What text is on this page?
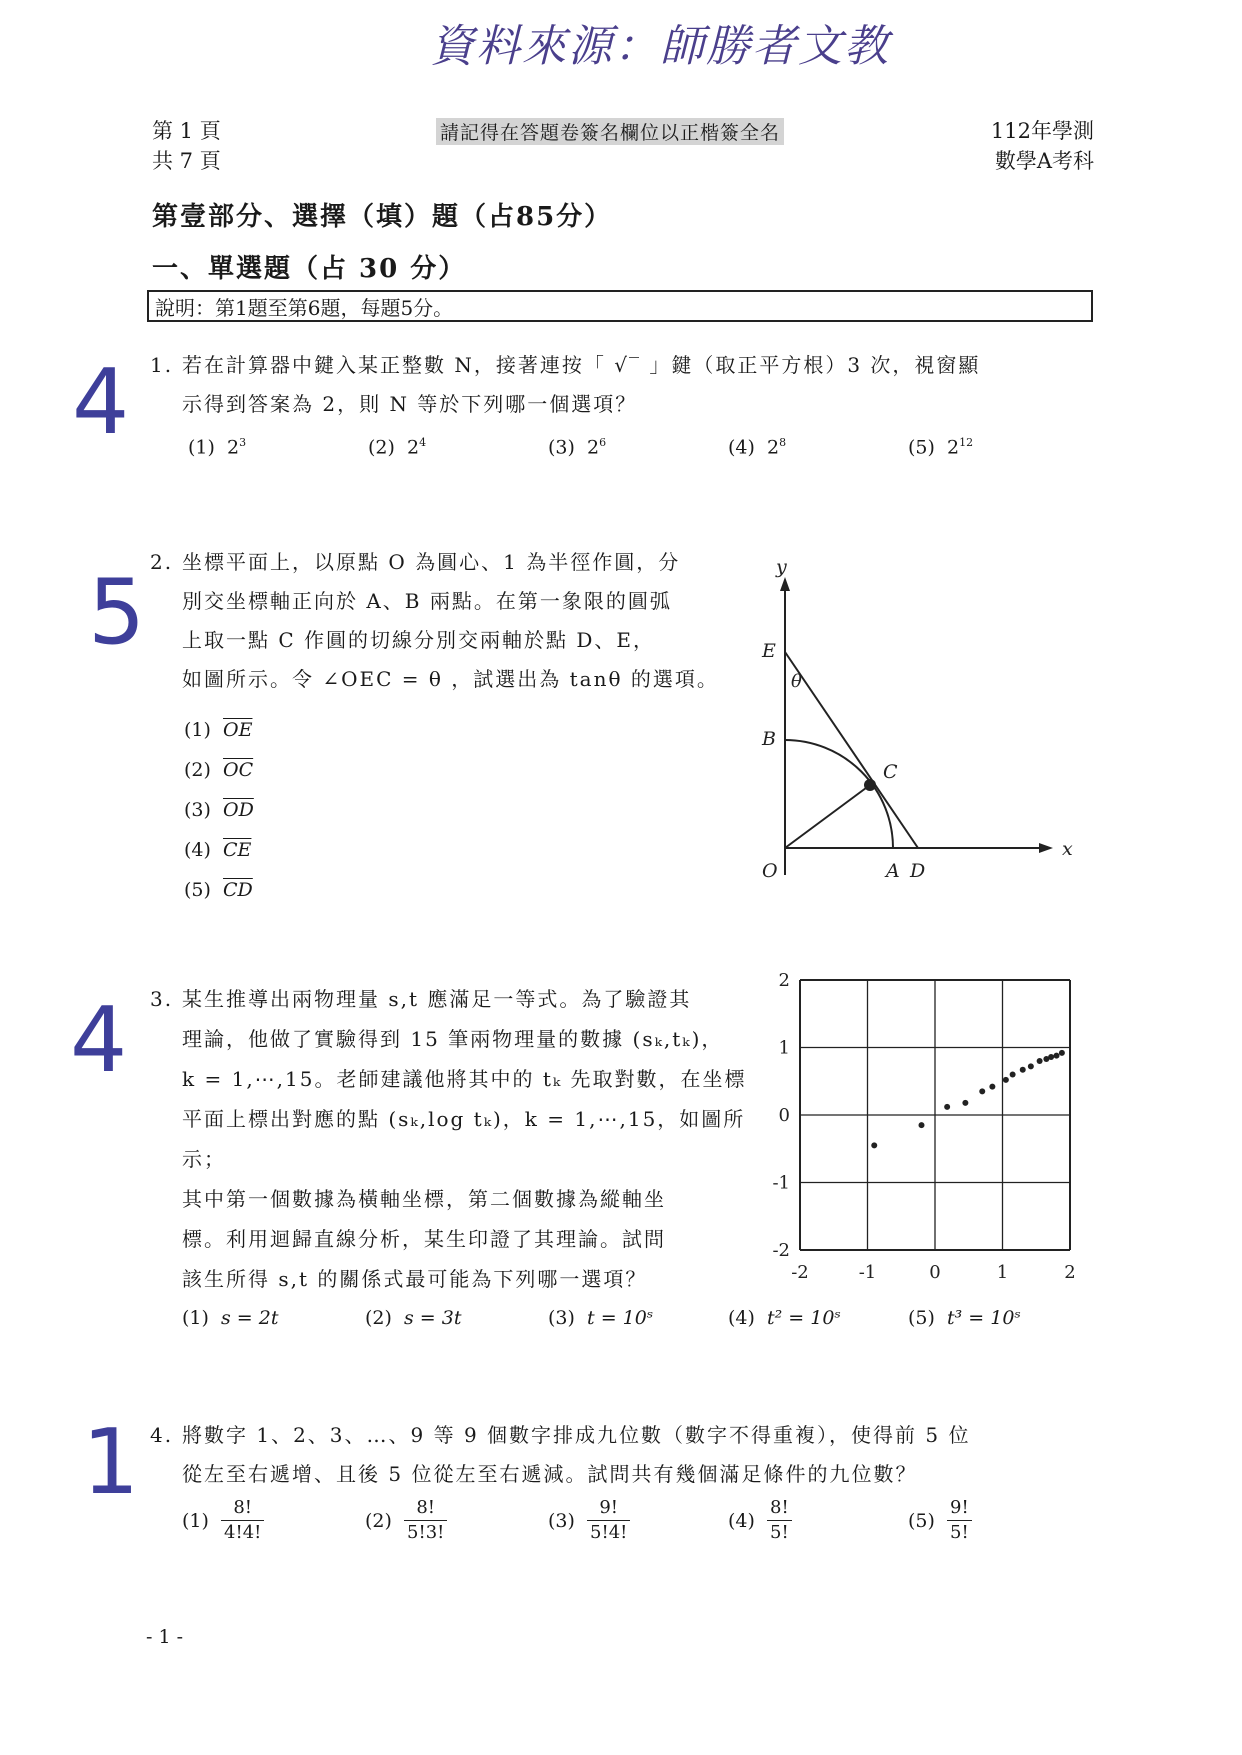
資料來源：師勝者文教
第 1 頁
共 7 頁
請記得在答題卷簽名欄位以正楷簽全名	112年學測
數學A考科
第壹部分、選擇（填）題（占85分）
一、單選題（占 30 分）
說明：第1題至第6題，每題5分。
4
5
4
1
1. 若在計算器中鍵入某正整數 N，接著連按「 √‾ 」鍵（取正平方根）3 次，視窗顯
示得到答案為 2，則 N 等於下列哪一個選項？
(1) $2^3$	(2) $2^4$	(3) $2^6$	(4) $2^8$	(5) $2^{12}$
2. 坐標平面上，以原點 O 為圓心、1 為半徑作圓，分
別交坐標軸正向於 A、B 兩點。在第一象限的圓弧
上取一點 C 作圓的切線分別交兩軸於點 D、E，
如圖所示。令 ∠OEC = θ ，試選出為 tanθ 的選項。
(1) $\overline{OE}$
(2) $\overline{OC}$
(3) $\overline{OD}$
(4) $\overline{CE}$
(5) $\overline{CD}$
y
x
O	A D
B
E
C
θ
3. 某生推導出兩物理量 s,t 應滿足一等式。為了驗證其
理論，他做了實驗得到 15 筆兩物理量的數據 (sₖ,tₖ)，
k = 1,⋯,15。老師建議他將其中的 tₖ 先取對數，在坐標
平面上標出對應的點 (sₖ,log tₖ)，k = 1,⋯,15，如圖所示；
其中第一個數據為橫軸坐標，第二個數據為縱軸坐
標。利用迴歸直線分析，某生印證了其理論。試問
該生所得 s,t 的關係式最可能為下列哪一選項？	-2	-1	0	1	2
2
1
0
-1
-2
(1) s = 2t	(2) s = 3t	(3) t = 10ˢ	(4) t² = 10ˢ	(5) t³ = 10ˢ
4. 將數字 1、2、3、…、9 等 9 個數字排成九位數（數字不得重複），使得前 5 位
從左至右遞增、且後 5 位從左至右遞減。試問共有幾個滿足條件的九位數？
(1)
$\frac{8!}{4!4!}$	(2)
$\frac{8!}{5!3!}$	(3)
$\frac{9!}{5!4!}$	(4)
$\frac{8!}{5!}$	(5)
$\frac{9!}{5!}$
- 1 -
